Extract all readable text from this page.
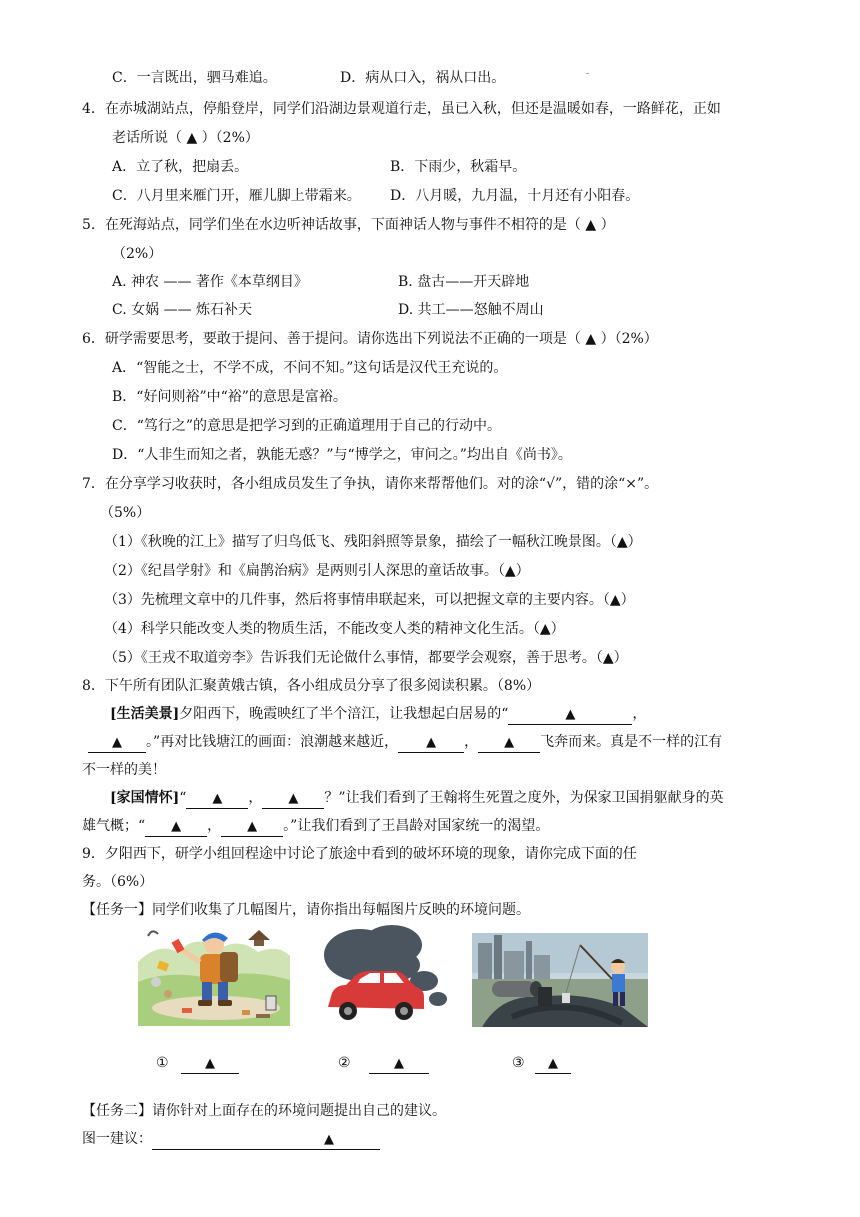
C．一言既出，驷马难追。	D．病从口入，祸从口出。	-
4．在赤城湖站点，停船登岸，同学们沿湖边景观道行走，虽已入秋，但还是温暖如春，一路鲜花，正如
老话所说（ ▲ ）（2%）
A．立了秋，把扇丢。	B．下雨少，秋霜早。
C．八月里来雁门开，雁儿脚上带霜来。 D．八月暖，九月温，十月还有小阳春。
5．在死海站点，同学们坐在水边听神话故事，下面神话人物与事件不相符的是（ ▲ ）
（2%）
A. 神农 —— 著作《本草纲目》	B. 盘古——开天辟地
C. 女娲 —— 炼石补天	D. 共工——怒触不周山
6．研学需要思考，要敢于提问、善于提问。请你选出下列说法不正确的一项是（ ▲ ）（2%）
A．“智能之士，不学不成，不问不知。”这句话是汉代王充说的。
B．“好问则裕”中“裕”的意思是富裕。
C．“笃行之”的意思是把学习到的正确道理用于自己的行动中。
D．“人非生而知之者，孰能无惑？”与“博学之，审问之。”均出自《尚书》。
7．在分享学习收获时，各小组成员发生了争执，请你来帮帮他们。对的涂“√”，错的涂“×”。
（5%）
（1）《秋晚的江上》描写了归鸟低飞、残阳斜照等景象，描绘了一幅秋江晚景图。（▲）
（2）《纪昌学射》和《扁鹊治病》是两则引人深思的童话故事。（▲）
（3）先梳理文章中的几件事，然后将事情串联起来，可以把握文章的主要内容。（▲）
（4）科学只能改变人类的物质生活，不能改变人类的精神文化生活。（▲）
（5）《王戎不取道旁李》告诉我们无论做什么事情，都要学会观察，善于思考。（▲）
8．下午所有团队汇聚黄娥古镇，各小组成员分享了很多阅读积累。（8%）
[生活美景]夕阳西下，晚霞映红了半个涪江，让我想起白居易的“	▲	，
▲ 。”再对比钱塘江的画面：浪潮越来越近， ▲ ， ▲ 飞奔而来。真是不一样的江有
不一样的美！
[家国情怀]“ ▲ ， ▲ ？”让我们看到了王翰将生死置之度外，为保家卫国捐躯献身的英
雄气概；“ ▲ ， ▲ 。”让我们看到了王昌龄对国家统一的渴望。
9．夕阳西下，研学小组回程途中讨论了旅途中看到的破坏环境的现象，请你完成下面的任
务。（6%）
【任务一】同学们收集了几幅图片，请你指出每幅图片反映的环境问题。
①	▲	②	▲	③ ▲
【任务二】请你针对上面存在的环境问题提出自己的建议。
图一建议：	▲
